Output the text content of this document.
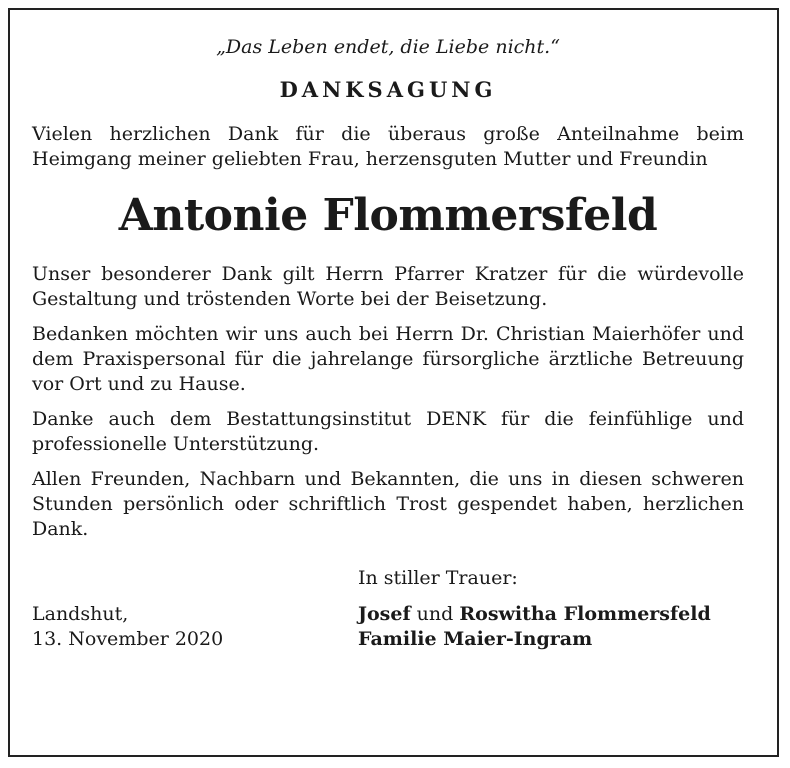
„Das Leben endet, die Liebe nicht.“
DANKSAGUNG

Vielen herzlichen Dank für die überaus große Anteilnahme beim Heimgang meiner geliebten Frau, herzensguten Mutter und Freundin

Antonie Flommersfeld

Unser besonderer Dank gilt Herrn Pfarrer Kratzer für die würdevolle Gestaltung und tröstenden Worte bei der Beisetzung.

Bedanken möchten wir uns auch bei Herrn Dr. Christian Maierhöfer und dem Praxispersonal für die jahrelange fürsorgliche ärztliche Betreuung vor Ort und zu Hause.

Danke auch dem Bestattungsinstitut DENK für die feinfühlige und professionelle Unterstützung.

Allen Freunden, Nachbarn und Bekannten, die uns in diesen schweren Stunden persönlich oder schriftlich Trost gespendet haben, herzlichen Dank.

In stiller Trauer:
Landshut,
13. November 2020
Josef und Roswitha Flommersfeld
Familie Maier-Ingram
